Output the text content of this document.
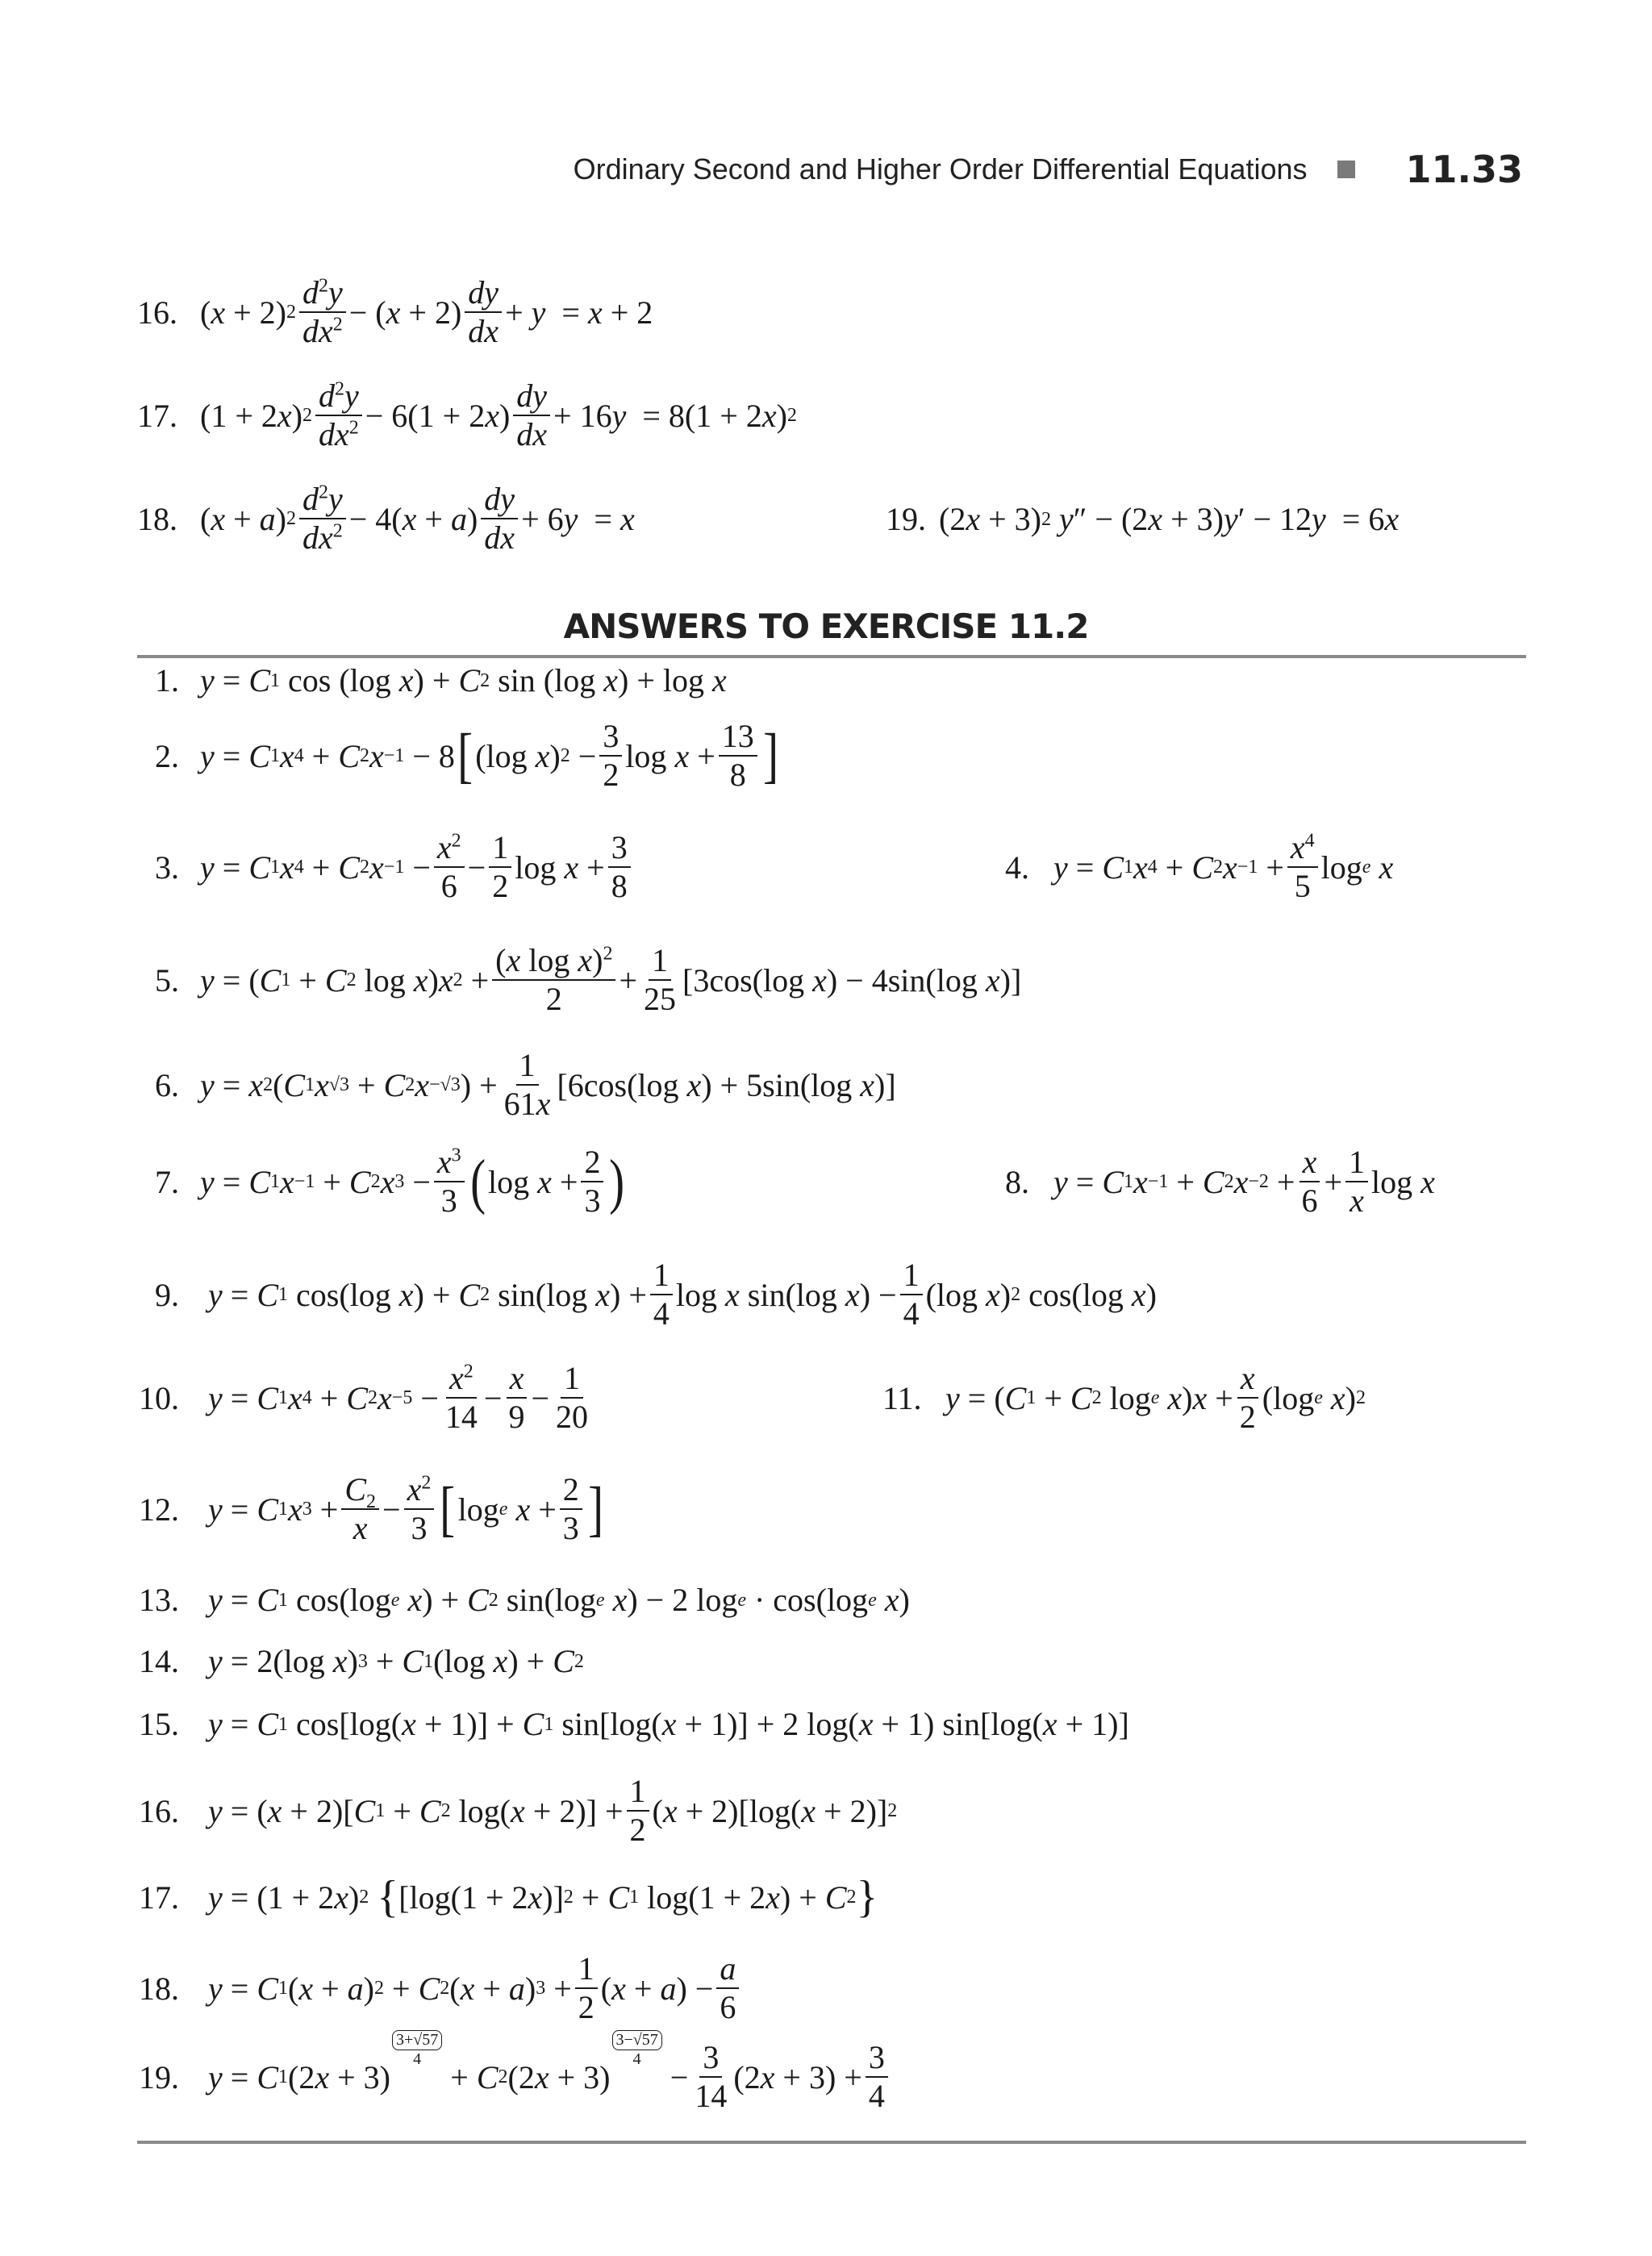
Ordinary Second and Higher Order Differential Equations	11.33
16. ( x + 2) $2 \frac{d^2y}{dx^2}$ − ( $x + 2) \frac{dy}{dx} + y = x + 2$
17. (1 + 2 x ) $2 \frac{d^2y}{dx^2} - 6(1 + 2$ x ) $\frac{dy}{dx} + 16$ y = 8(1 + 2 x ) 2
18. ( x + a ) $2 \frac{d^2y}{dx^2} - 4$( x + a ) $\frac{dy}{dx} + 6$ y = x	19. (2 x + 3) 2
y ″ − (2 x + 3) y ′ − 12 y = 6 x
ANSWERS TO EXERCISE 11.2
1. y = C 1 cos (log x ) + C 2 sin (log x ) + log x
2. y = C 1 x 4 + C 2 x −1 − 8 [ (log x ) $2 - \frac{3}{2}$ $\log x + \frac{13}{8}$ ]
3. y = C 1 x 4 + C 2 $x -1 - \frac{x^2}{6} - \frac{1}{2}$ $\log x + \frac{3}{8}$	4. y = C 1 x 4 + C 2 $x -1 + \frac{x^4}{5}$ log e
x
5. y = ( C 1 + C 2 log x ) x $2 + \frac{(x \log x)^2}{2} + \frac{1}{25} [3\cos(\log$ x ) − 4sin(log x )]
6. y = x 2 ( C 1 x √3 + C 2 x −√3 ) + $\frac{1}{61x} [6\cos(\log$ x ) + 5sin(log x )]
7. y = C 1 x −1 + C 2 x $3 - \frac{x^3}{3}$ ( $\log x + \frac{2}{3}$ )	8. y = C 1 x −1 + C 2 $x -2 + \frac{x}{6} + \frac{1}{x}$ log x
9. y = C 1 cos(log x ) + C 2 sin(log x ) + $\frac{1}{4}$ log x sin(log x ) − $\frac{1}{4} (\log$ x ) 2 cos(log x )
10. y = C 1 x 4 + C 2 $x -5 - \frac{x^2}{14} - \frac{x}{9} - \frac{1}{20}$	11. y = ( C 1 + C 2 log e
x ) $x + \frac{x}{2} (\log$ e
x ) 2
12. y = C 1 x $3 + \frac{C_2}{x} - \frac{x^2}{3}$ [ log e
$x + \frac{2}{3}$ ]
13. y = C 1 cos(log e
x ) + C 2 sin(log e
x ) − 2 log e · cos(log e
x )
14. y = 2(log x ) 3 + C 1 (log x ) + C 2
15. y = C 1 cos[log( x + 1)] + C 1 sin[log( x + 1)] + 2 log( x + 1) sin[log( x + 1)]
16. y = ( x + 2)[ C 1 + C 2 log( $x + 2)] + \frac{1}{2}$ ( x + 2)[log( x + 2)] 2
17. y = (1 + 2 x ) 2
{ [log(1 + 2 x )] 2 + C 1 log(1 + 2 x ) + C 2 }
18. y = C 1 ( x + a ) 2 + C 2 ( x + a ) $3 + \frac{1}{2}$ ( x + a ) − $\frac{a}{6}$
19. y = C 1 (2 x + 3)
3+√57
4 + C 2 (2 x + 3)
3−√57
$4 - \frac{3}{14} (2$ $x + 3) + \frac{3}{4}$
